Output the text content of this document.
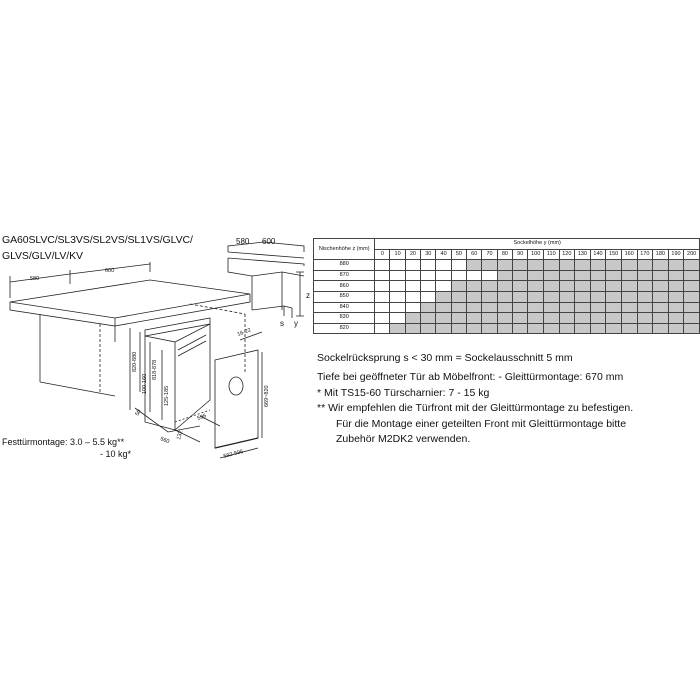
GA60SLVC/SL3VS/SL2VS/SL1VS/GLVC/
GLVS/GLV/LV/KV
580
600
820-880
100-160
818-878
125-185	669~820
16-22
50
560
132
596
592-596
580 600
s y
z
Festtürmontage: 3.0 – 5.5 kg**
- 10 kg*
Nischenhöhe z (mm)	Sockelhöhe y (mm)																				
	0	10	20	30	40	50	60	70	80	90	100	110	120	130	140	150	160	170	180	190	200
880																					
870																					
860																					
850																					
840																					
830																					
820																					
Sockelrücksprung s < 30 mm = Sockelausschnitt 5 mm
Tiefe bei geöffneter Tür ab Möbelfront: - Gleittürmontage: 670 mm
* Mit TS15-60 Türscharnier: 7 - 15 kg
** Wir empfehlen die Türfront mit der Gleittürmontage zu befestigen.
Für die Montage einer geteilten Front mit Gleittürmontage bitte
Zubehör M2DK2 verwenden.
